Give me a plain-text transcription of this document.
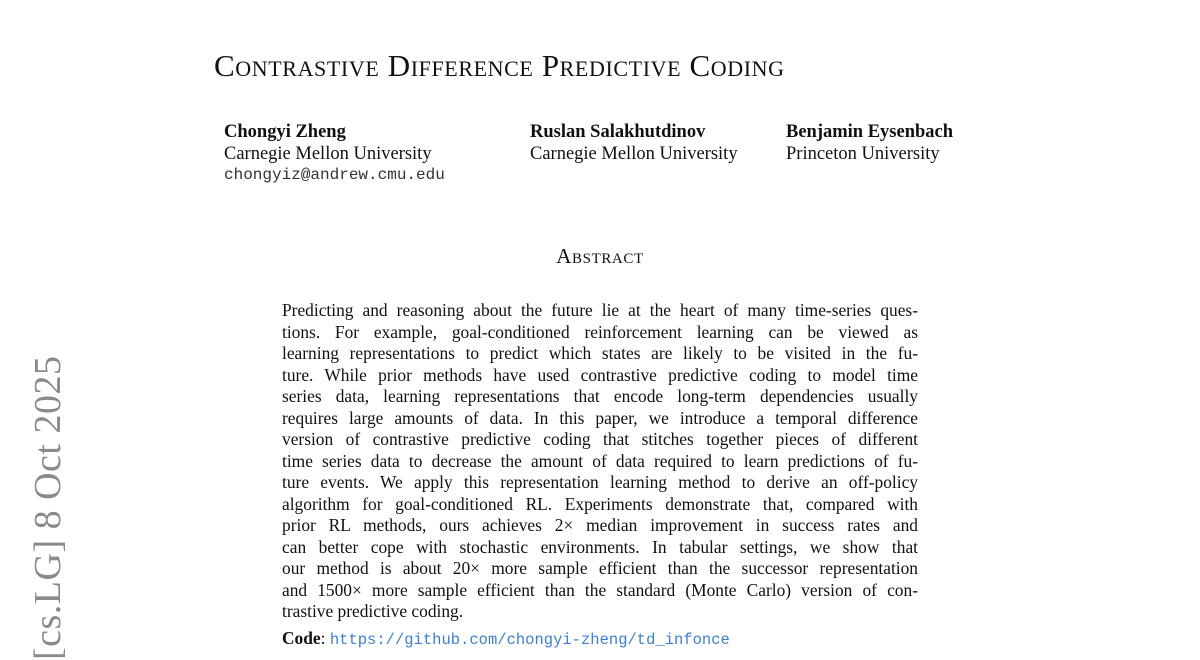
Contrastive Difference Predictive Coding
Chongyi Zheng
Carnegie Mellon University
chongyiz@andrew.cmu.edu
Ruslan Salakhutdinov
Carnegie Mellon University
Benjamin Eysenbach
Princeton University
Abstract

Predicting and reasoning about the future lie at the heart of many time-series ques-
tions. For example, goal-conditioned reinforcement learning can be viewed as
learning representations to predict which states are likely to be visited in the fu-
ture. While prior methods have used contrastive predictive coding to model time
series data, learning representations that encode long-term dependencies usually
requires large amounts of data. In this paper, we introduce a temporal difference
version of contrastive predictive coding that stitches together pieces of different
time series data to decrease the amount of data required to learn predictions of fu-
ture events. We apply this representation learning method to derive an off-policy
algorithm for goal-conditioned RL. Experiments demonstrate that, compared with
prior RL methods, ours achieves 2× median improvement in success rates and
can better cope with stochastic environments. In tabular settings, we show that
our method is about 20× more sample efficient than the successor representation
and 1500× more sample efficient than the standard (Monte Carlo) version of con-
trastive predictive coding.

Code: https://github.com/chongyi-zheng/td_infonce
[cs.LG] 8 Oct 2025
